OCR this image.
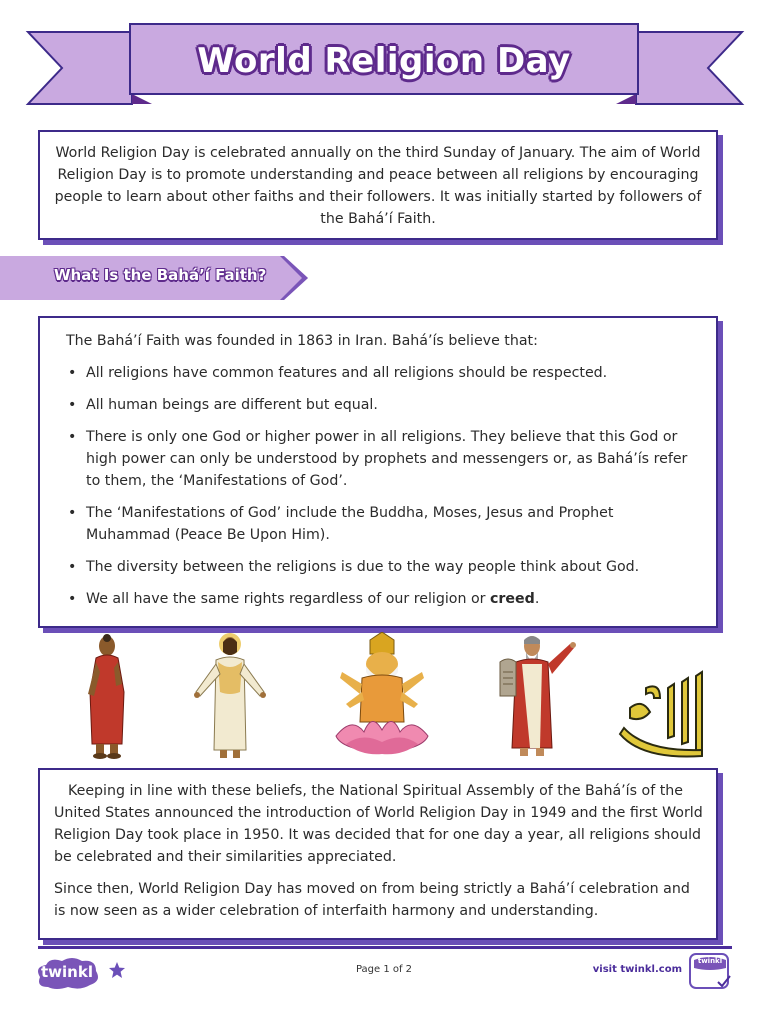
World Religion Day

World Religion Day is celebrated annually on the third Sunday of January. The aim of World Religion Day is to promote understanding and peace between all religions by encouraging people to learn about other faiths and their followers. It was initially started by followers of the Bahá’í Faith.

What Is the Bahá’í Faith?

The Bahá’í Faith was founded in 1863 in Iran. Bahá’ís believe that:

• All religions have common features and all religions should be respected.
• All human beings are different but equal.
• There is only one God or higher power in all religions. They believe that this God or high power can only be understood by prophets and messengers or, as Bahá’ís refer to them, the ‘Manifestations of God’.
• The ‘Manifestations of God’ include the Buddha, Moses, Jesus and Prophet Muhammad (Peace Be Upon Him).
• The diversity between the religions is due to the way people think about God.
• We all have the same rights regardless of our religion or creed.

Keeping in line with these beliefs, the National Spiritual Assembly of the Bahá’ís of the United States announced the introduction of World Religion Day in 1949 and the first World Religion Day took place in 1950. It was decided that for one day a year, all religions should be celebrated and their similarities appreciated.

Since then, World Religion Day has moved on from being strictly a Bahá’í celebration and is now seen as a wider celebration of interfaith harmony and understanding.

twinkl	Page 1 of 2	visit twinkl.com
twinkl
